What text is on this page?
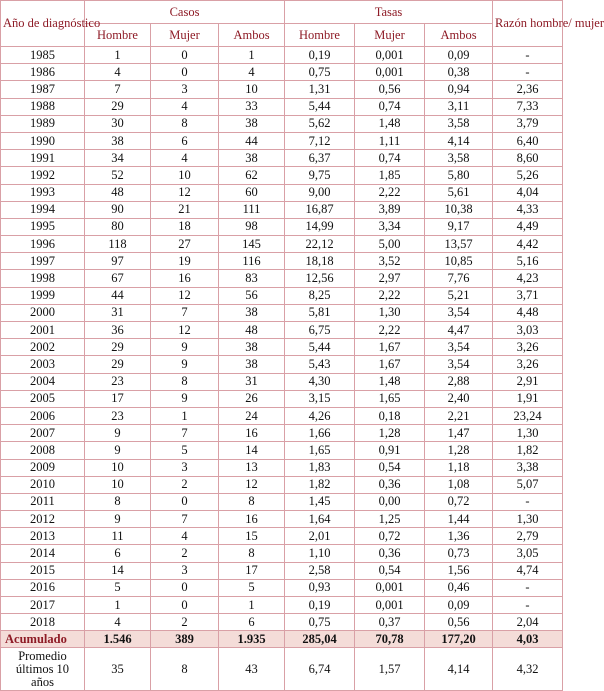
Año de diagnóstico	Casos			Tasas			Razón hombre/ mujer
	Hombre	Mujer	Ambos	Hombre	Mujer	Ambos	
1985	1	0	1	0,19	0,001	0,09	-
1986	4	0	4	0,75	0,001	0,38	-
1987	7	3	10	1,31	0,56	0,94	2,36
1988	29	4	33	5,44	0,74	3,11	7,33
1989	30	8	38	5,62	1,48	3,58	3,79
1990	38	6	44	7,12	1,11	4,14	6,40
1991	34	4	38	6,37	0,74	3,58	8,60
1992	52	10	62	9,75	1,85	5,80	5,26
1993	48	12	60	9,00	2,22	5,61	4,04
1994	90	21	111	16,87	3,89	10,38	4,33
1995	80	18	98	14,99	3,34	9,17	4,49
1996	118	27	145	22,12	5,00	13,57	4,42
1997	97	19	116	18,18	3,52	10,85	5,16
1998	67	16	83	12,56	2,97	7,76	4,23
1999	44	12	56	8,25	2,22	5,21	3,71
2000	31	7	38	5,81	1,30	3,54	4,48
2001	36	12	48	6,75	2,22	4,47	3,03
2002	29	9	38	5,44	1,67	3,54	3,26
2003	29	9	38	5,43	1,67	3,54	3,26
2004	23	8	31	4,30	1,48	2,88	2,91
2005	17	9	26	3,15	1,65	2,40	1,91
2006	23	1	24	4,26	0,18	2,21	23,24
2007	9	7	16	1,66	1,28	1,47	1,30
2008	9	5	14	1,65	0,91	1,28	1,82
2009	10	3	13	1,83	0,54	1,18	3,38
2010	10	2	12	1,82	0,36	1,08	5,07
2011	8	0	8	1,45	0,00	0,72	-
2012	9	7	16	1,64	1,25	1,44	1,30
2013	11	4	15	2,01	0,72	1,36	2,79
2014	6	2	8	1,10	0,36	0,73	3,05
2015	14	3	17	2,58	0,54	1,56	4,74
2016	5	0	5	0,93	0,001	0,46	-
2017	1	0	1	0,19	0,001	0,09	-
2018	4	2	6	0,75	0,37	0,56	2,04
Acumulado	1.546	389	1.935	285,04	70,78	177,20	4,03
Promedio últimos 10 años	35	8	43	6,74	1,57	4,14	4,32
